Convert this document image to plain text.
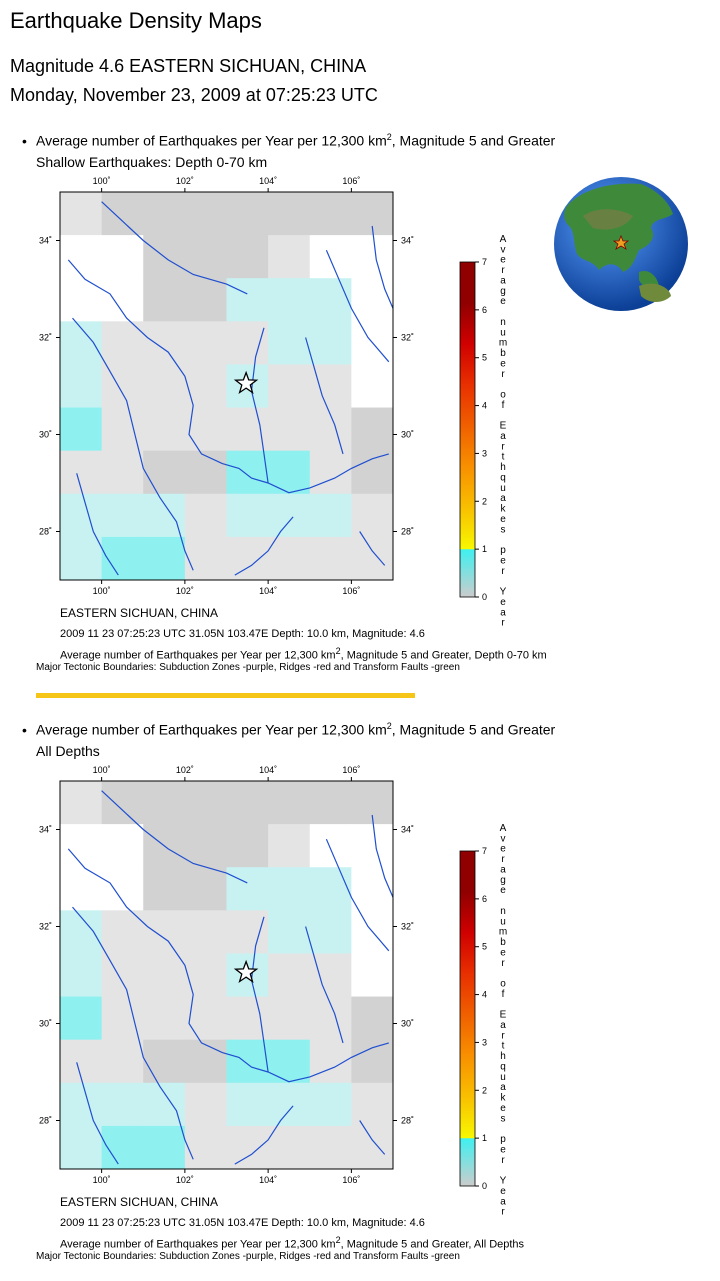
Earthquake Density Maps
Magnitude 4.6 EASTERN SICHUAN, CHINA
Monday, November 23, 2009 at 07:25:23 UTC
• Average number of Earthquakes per Year per 12,300 $km^2$, Magnitude 5 and Greater
Shallow Earthquakes: Depth 0-70 km
100˚
100˚
102˚
102˚
104˚
104˚
106˚
106˚
34˚	34˚
32˚	32˚
30˚	30˚
28˚	28˚
7
6
5
4
3
2
1
0
A
v
e
r
a
g
e
n
u
m
b
e
r
o
f
E
a
r
t
h
q
u
a
k
e
s
p
e
r
Y
e
a
r
EASTERN SICHUAN, CHINA
2009 11 23 07:25:23 UTC 31.05N 103.47E Depth: 10.0 km, Magnitude: 4.6
Average number of Earthquakes per Year per 12,300 $km^2$, Magnitude 5 and Greater, Depth 0-70 km
Major Tectonic Boundaries: Subduction Zones -purple, Ridges -red and Transform Faults -green
• Average number of Earthquakes per Year per 12,300 $km^2$, Magnitude 5 and Greater
All Depths
100˚
100˚
102˚
102˚
104˚
104˚
106˚
106˚
34˚	34˚
32˚	32˚
30˚	30˚
28˚	28˚
7
6
5
4
3
2
1
0
A
v
e
r
a
g
e
n
u
m
b
e
r
o
f
E
a
r
t
h
q
u
a
k
e
s
p
e
r
Y
e
a
r
EASTERN SICHUAN, CHINA
2009 11 23 07:25:23 UTC 31.05N 103.47E Depth: 10.0 km, Magnitude: 4.6
Average number of Earthquakes per Year per 12,300 $km^2$, Magnitude 5 and Greater, All Depths
Major Tectonic Boundaries: Subduction Zones -purple, Ridges -red and Transform Faults -green
